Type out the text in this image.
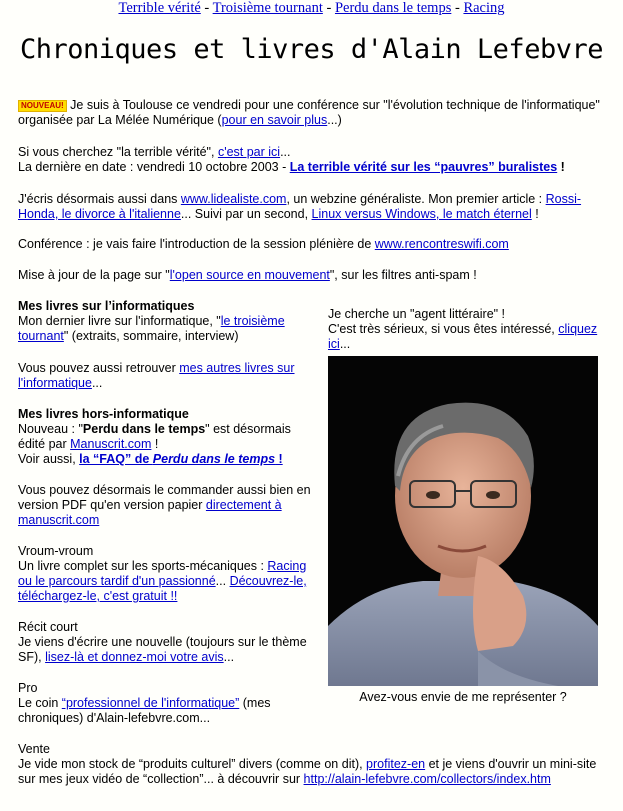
Terrible vérité - Troisième tournant - Perdu dans le temps - Racing
Chroniques et livres d'Alain Lefebvre

NOUVEAU! Je suis à Toulouse ce vendredi pour une conférence sur "l'évolution technique de l'informatique" organisée par La Mélée Numérique (pour en savoir plus...)

Si vous cherchez "la terrible vérité", c'est par ici...
La dernière en date : vendredi 10 octobre 2003 - La terrible vérité sur les “pauvres” buralistes !

J'écris désormais aussi dans www.lidealiste.com, un webzine généraliste. Mon premier article : Rossi-Honda, le divorce à l'italienne... Suivi par un second, Linux versus Windows, le match éternel !

Conférence : je vais faire l'introduction de la session plénière de www.rencontreswifi.com

Mise à jour de la page sur "l'open source en mouvement", sur les filtres anti-spam !

Mes livres sur l’informatiques
Mon dernier livre sur l'informatique, "le troisième tournant" (extraits, sommaire, interview)

Vous pouvez aussi retrouver mes autres livres sur l'informatique...

Mes livres hors-informatique
Nouveau : "Perdu dans le temps" est désormais édité par Manuscrit.com !
Voir aussi, la “FAQ” de Perdu dans le temps !

Vous pouvez désormais le commander aussi bien en version PDF qu'en version papier directement à manuscrit.com

Vroum-vroum
Un livre complet sur les sports-mécaniques : Racing ou le parcours tardif d'un passionné... Découvrez-le, téléchargez-le, c'est gratuit !!

Récit court
Je viens d'écrire une nouvelle (toujours sur le thème SF), lisez-là et donnez-moi votre avis...

Pro
Le coin “professionnel de l'informatique” (mes chroniques) d'Alain-lefebvre.com...

Vente
Je vide mon stock de “produits culturel” divers (comme on dit), profitez-en et je viens d'ouvrir un mini-site sur mes jeux vidéo de “collection”... à découvrir sur http://alain-lefebvre.com/collectors/index.htm

Je cherche un "agent littéraire" !
C'est très sérieux, si vous êtes intéressé, cliquez ici...

Avez-vous envie de me représenter ?
